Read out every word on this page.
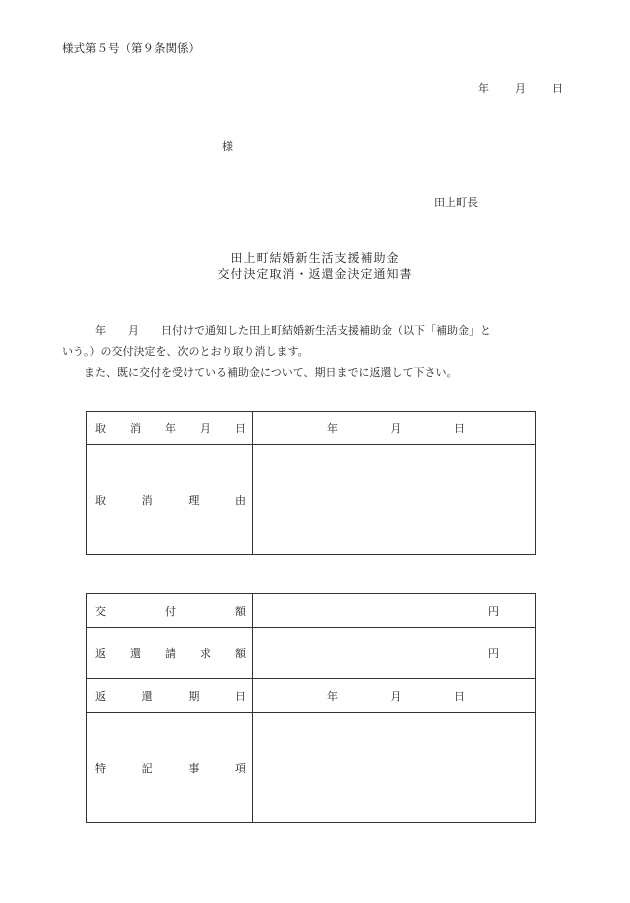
様式第５号（第９条関係）
年 月 日
様
田上町長
田上町結婚新生活支援補助金
交付決定取消・返還金決定通知書

年　　月　　日付けで通知した田上町結婚新生活支援補助金（以下「補助金」と

いう。）の交付決定を、次のとおり取り消します。

また、既に交付を受けている補助金について、期日までに返還して下さい。

取 消 年 月 日	年 月 日

取 消 理 由	

交 付 額	円

返 還 請 求 額	円

返 還 期 日	年 月 日

特 記 事 項	
